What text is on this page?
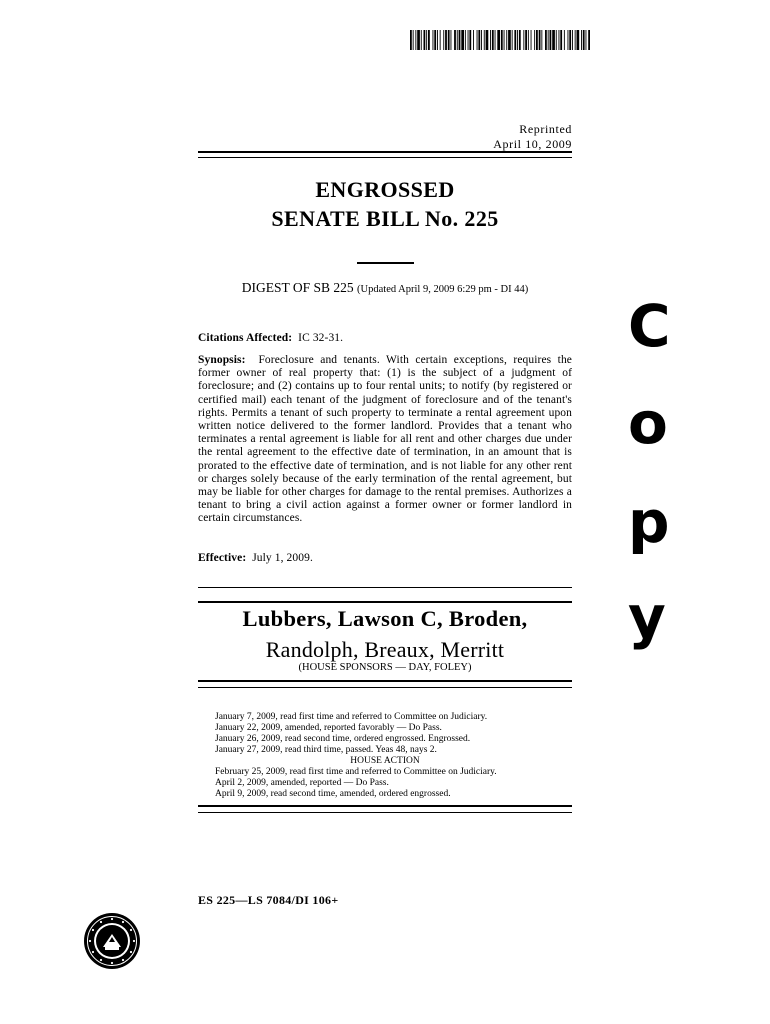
Reprinted
April 10, 2009
ENGROSSED
SENATE BILL No. 225
DIGEST OF SB 225 (Updated April 9, 2009 6:29 pm - DI 44)
Citations Affected: IC 32-31.
Synopsis: Foreclosure and tenants. With certain exceptions, requires the former owner of real property that: (1) is the subject of a judgment of foreclosure; and (2) contains up to four rental units; to notify (by registered or certified mail) each tenant of the judgment of foreclosure and of the tenant's rights. Permits a tenant of such property to terminate a rental agreement upon written notice delivered to the former landlord. Provides that a tenant who terminates a rental agreement is liable for all rent and other charges due under the rental agreement to the effective date of termination, in an amount that is prorated to the effective date of termination, and is not liable for any other rent or charges solely because of the early termination of the rental agreement, but may be liable for other charges for damage to the rental premises. Authorizes a tenant to bring a civil action against a former owner or former landlord in certain circumstances.
Effective: July 1, 2009.
Lubbers, Lawson C, Broden,
Randolph, Breaux, Merritt
(HOUSE SPONSORS — DAY, FOLEY)
January 7, 2009, read first time and referred to Committee on Judiciary.
January 22, 2009, amended, reported favorably — Do Pass.
January 26, 2009, read second time, ordered engrossed. Engrossed.
January 27, 2009, read third time, passed. Yeas 48, nays 2.
HOUSE ACTION
February 25, 2009, read first time and referred to Committee on Judiciary.
April 2, 2009, amended, reported — Do Pass.
April 9, 2009, read second time, amended, ordered engrossed.
ES 225—LS 7084/DI 106+
C
o
p
y
